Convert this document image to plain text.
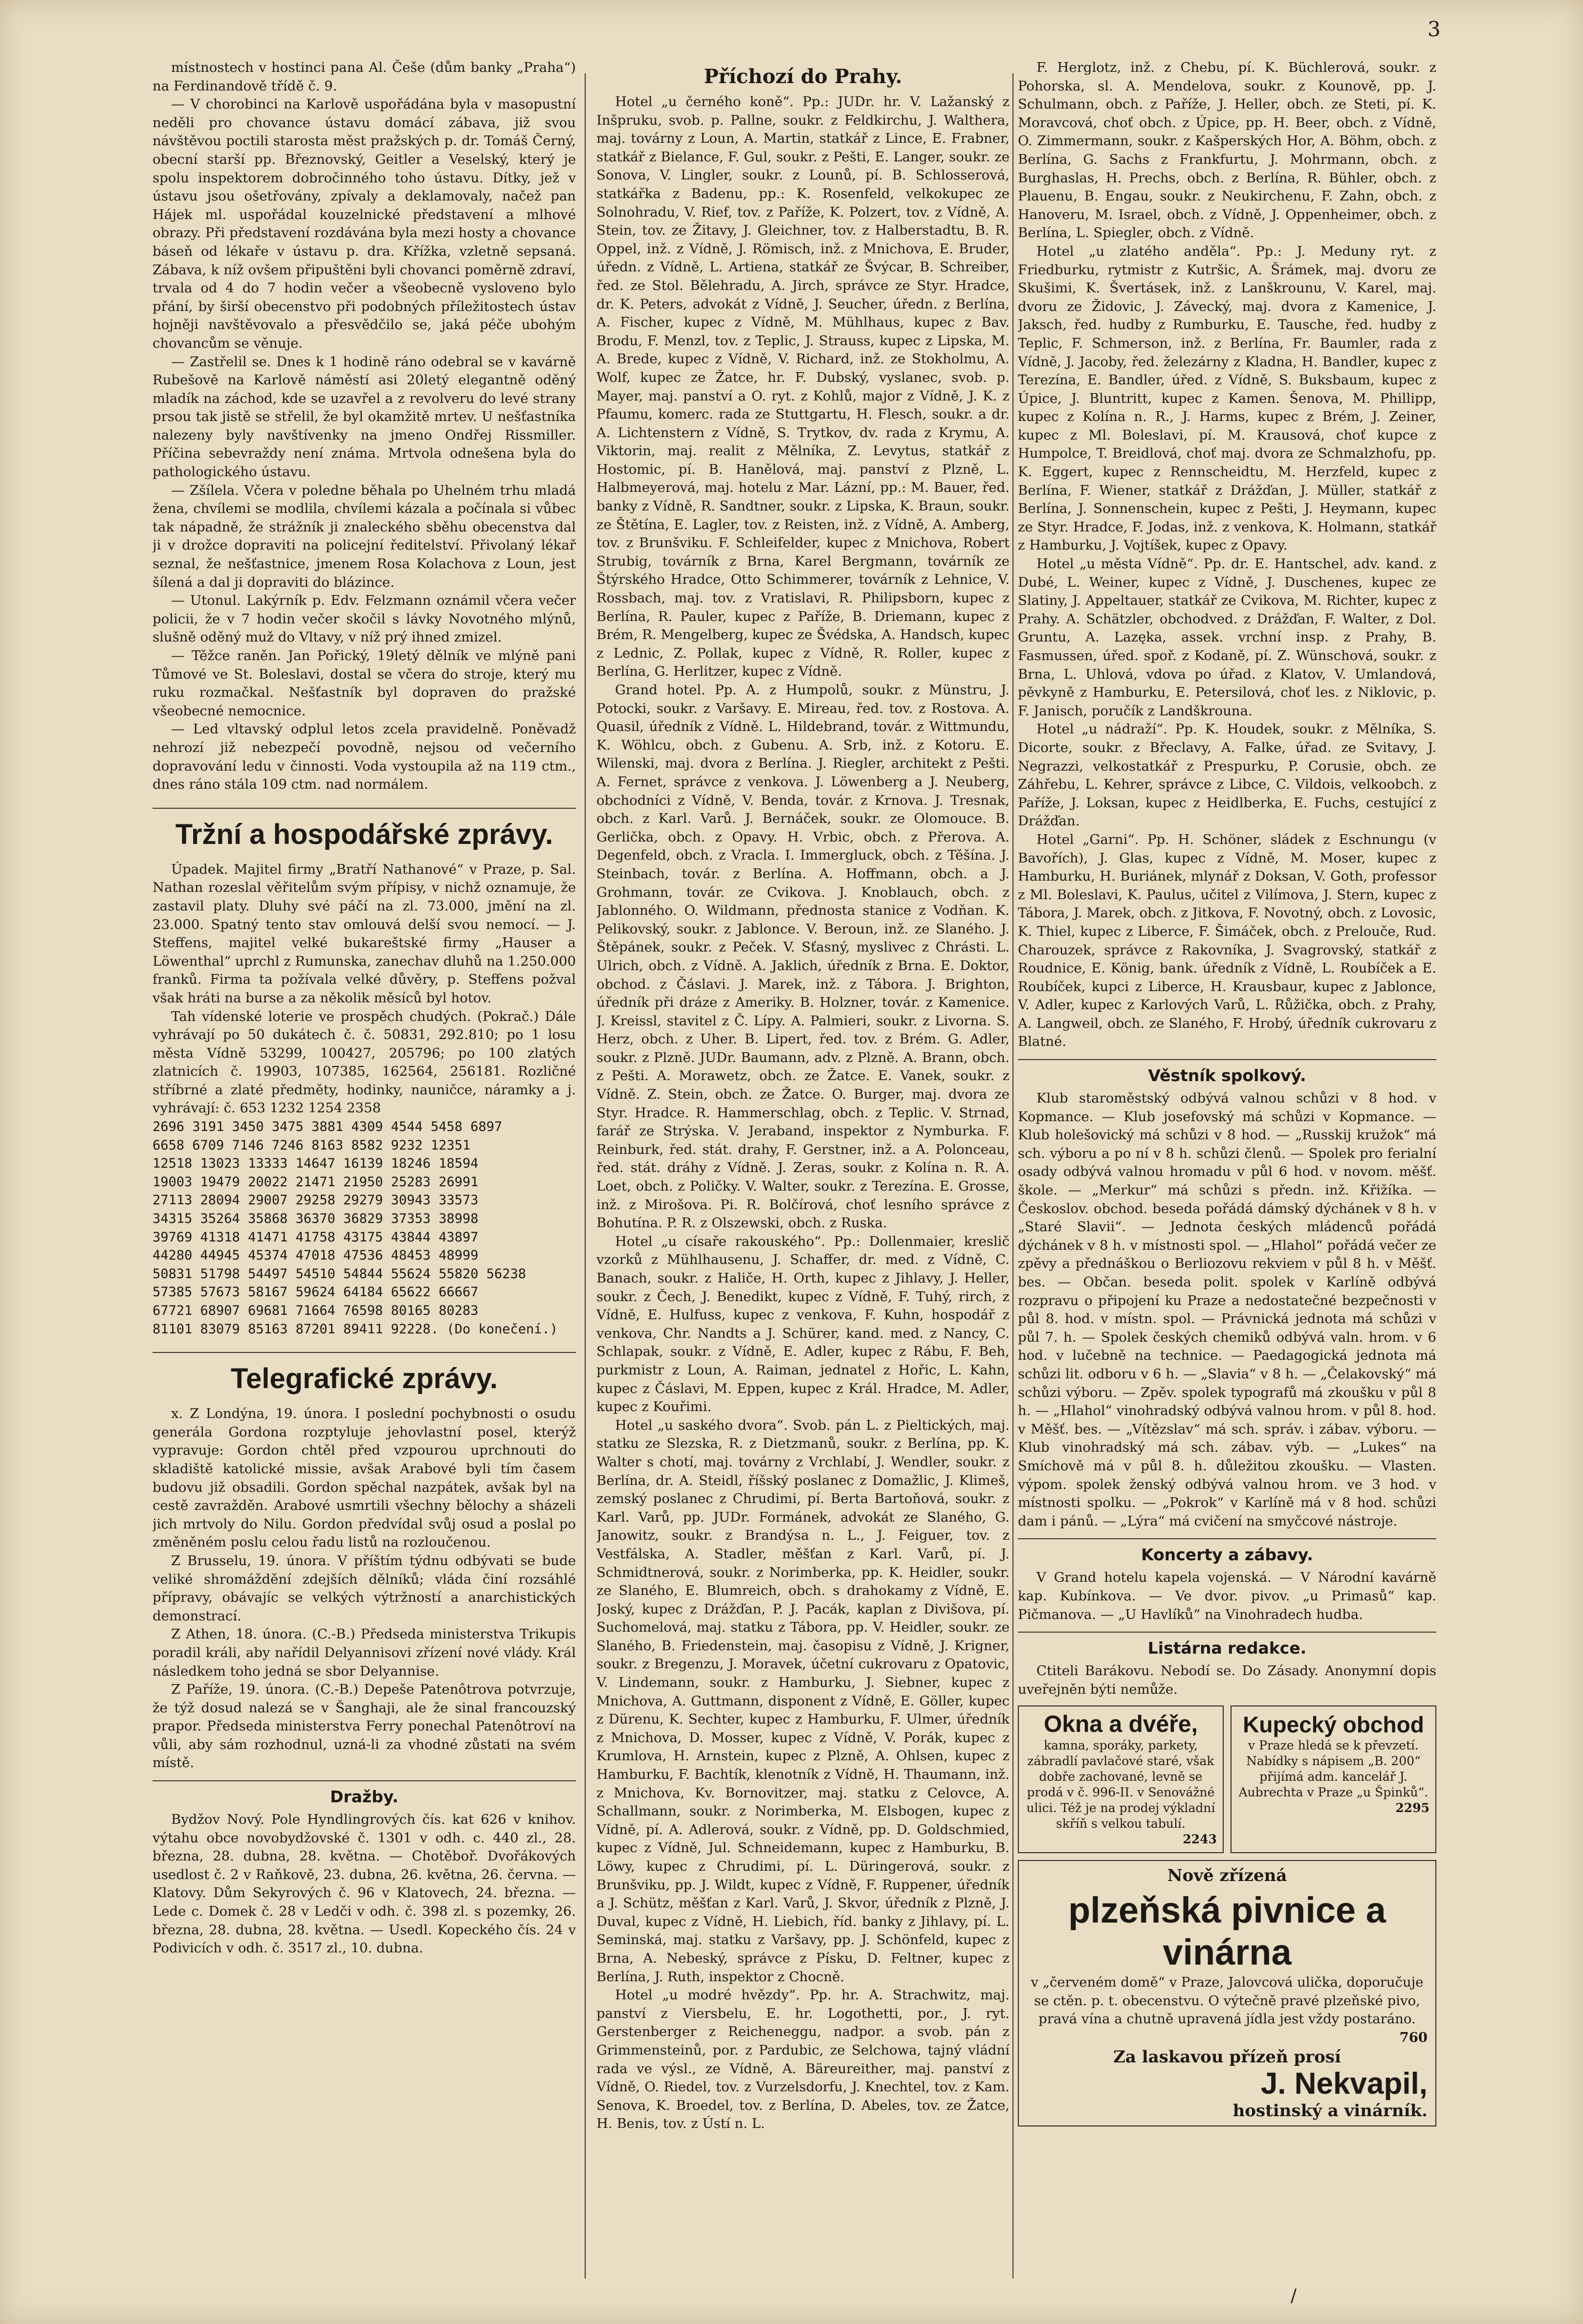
místnostech v hostinci pana Al. Češe (dům banky „Praha“) na Ferdinandově třídě č. 9.

— V chorobinci na Karlově uspořádána byla v masopustní neděli pro chovance ústavu domácí zábava, již svou návštěvou poctili starosta měst pražských p. dr. Tomáš Černý, obecní starší pp. Březnovský, Geitler a Veselský, který je spolu inspektorem dobročinného toho ústavu. Dítky, jež v ústavu jsou ošetřovány, zpívaly a deklamovaly, načež pan Hájek ml. uspořádal kouzelnické představení a mlhové obrazy. Při představení rozdávána byla mezi hosty a chovance báseň od lékaře v ústavu p. dra. Křížka, vzletně sepsaná. Zábava, k níž ovšem připuštěni byli chovanci poměrně zdraví, trvala od 4 do 7 hodin večer a všeobecně vysloveno bylo přání, by širší obecenstvo při podobných příležitostech ústav hojněji navštěvovalo a přesvědčilo se, jaká péče ubohým chovancům se věnuje.

— Zastřelil se. Dnes k 1 hodině ráno odebral se v kavárně Rubešově na Karlově náměstí asi 20letý elegantně oděný mladík na záchod, kde se uzavřel a z revolveru do levé strany prsou tak jistě se střelil, že byl okamžitě mrtev. U nešťastníka nalezeny byly navštívenky na jmeno Ondřej Rissmiller. Příčina sebevraždy není známa. Mrtvola odnešena byla do pathologického ústavu.

— Zšílela. Včera v poledne běhala po Uhelném trhu mladá žena, chvílemi se modlila, chvílemi kázala a počínala si vůbec tak nápadně, že strážník ji znaleckého sběhu obecenstva dal ji v drožce dopraviti na policejní ředitelství. Přivolaný lékař seznal, že nešťastnice, jmenem Rosa Kolachova z Loun, jest šílená a dal ji dopraviti do blázince.

— Utonul. Lakýrník p. Edv. Felzmann oznámil včera večer policii, že v 7 hodin večer skočil s lávky Novotného mlýnů, slušně oděný muž do Vltavy, v níž prý ihned zmizel.

— Těžce raněn. Jan Pořický, 19letý dělník ve mlýně pani Tůmové ve St. Boleslavi, dostal se včera do stroje, který mu ruku rozmačkal. Nešťastník byl dopraven do pražské všeobecné nemocnice.

— Led vltavský odplul letos zcela pravidelně. Poněvadž nehrozí již nebezpečí povodně, nejsou od večerního dopravování ledu v činnosti. Voda vystoupila až na 119 ctm., dnes ráno stála 109 ctm. nad normálem.

Tržní a hospodářské zprávy.

Úpadek. Majitel firmy „Bratří Nathanové“ v Praze, p. Sal. Nathan rozeslal věřitelům svým přípisy, v nichž oznamuje, že zastavil platy. Dluhy své páčí na zl. 73.000, jmění na zl. 23.000. Spatný tento stav omlouvá delší svou nemocí. — J. Steffens, majitel velké bukareštské firmy „Hauser a Löwenthal“ uprchl z Rumunska, zanechav dluhů na 1.250.000 franků. Firma ta požívala velké důvěry, p. Steffens požval však hráti na burse a za několik měsíců byl hotov.

Tah vídenské loterie ve prospěch chudých. (Pokrač.) Dále vyhrávají po 50 dukátech č. č. 50831, 292.810; po 1 losu města Vídně 53299, 100427, 205796; po 100 zlatých zlatnicích č. 19903, 107385, 162564, 256181. Rozličné stříbrné a zlaté předměty, hodinky, nauničce, náramky a j. vyhrávají: č. 653 1232 1254 2358

2696 3191 3450 3475 3881 4309 4544 5458 6897
6658 6709 7146 7246 8163 8582 9232 12351
12518 13023 13333 14647 16139 18246 18594
19003 19479 20022 21471 21950 25283 26991
27113 28094 29007 29258 29279 30943 33573
34315 35264 35868 36370 36829 37353 38998
39769 41318 41471 41758 43175 43844 43897
44280 44945 45374 47018 47536 48453 48999
50831 51798 54497 54510 54844 55624 55820 56238
57385 57673 58167 59624 64184 65622 66667
67721 68907 69681 71664 76598 80165 80283
81101 83079 85163 87201 89411 92228. (Do konečení.)

Telegrafické zprávy.

x. Z Londýna, 19. února. I poslední pochybnosti o osudu generála Gordona rozptyluje jehovlastní posel, kterýž vypravuje: Gordon chtěl před vzpourou uprchnouti do skladiště katolické missie, avšak Arabové byli tím časem budovu již obsadili. Gordon spěchal nazpátek, avšak byl na cestě zavražděn. Arabové usmrtili všechny bělochy a sházeli jich mrtvoly do Nilu. Gordon předvídal svůj osud a poslal po změněném poslu celou řadu listů na rozloučenou.

Z Brusselu, 19. února. V příštím týdnu odbývati se bude veliké shromáždění zdejších dělníků; vláda činí rozsáhlé přípravy, obávajíc se velkých výtržností a anarchistických demonstrací.

Z Athen, 18. února. (C.-B.) Předseda ministerstva Trikupis poradil králi, aby nařídil Delyannisovi zřízení nové vlády. Král následkem toho jedná se sbor Delyannise.

Z Paříže, 19. února. (C.-B.) Depeše Patenôtrova potvrzuje, že týž dosud nalezá se v Šanghaji, ale že sinal francouzský prapor. Předseda ministerstva Ferry ponechal Patenôtroví na vůli, aby sám rozhodnul, uzná-li za vhodné zůstati na svém místě.

Dražby.

Bydžov Nový. Pole Hyndlingrových čís. kat 626 v knihov. výtahu obce novobydžovské č. 1301 v odh. c. 440 zl., 28. března, 28. dubna, 28. května. — Chotěboř. Dvořákových usedlost č. 2 v Raňkově, 23. dubna, 26. května, 26. června. — Klatovy. Dům Sekyrových č. 96 v Klatovech, 24. března. — Lede c. Domek č. 28 v Ledči v odh. č. 398 zl. s pozemky, 26. března, 28. dubna, 28. května. — Usedl. Kopeckého čís. 24 v Podivicích v odh. č. 3517 zl., 10. dubna.

Příchozí do Prahy.

Hotel „u černého koně“. Pp.: JUDr. hr. V. Lažanský z Inšpruku, svob. p. Pallne, soukr. z Feldkirchu, J. Walthera, maj. továrny z Loun, A. Martin, statkář z Lince, E. Frabner, statkář z Bielance, F. Gul, soukr. z Pešti, E. Langer, soukr. ze Sonova, V. Lingler, soukr. z Lounů, pí. B. Schlosserová, statkářka z Badenu, pp.: K. Rosenfeld, velkokupec ze Solnohradu, V. Rief, tov. z Paříže, K. Polzert, tov. z Vídně, A. Stein, tov. ze Žitavy, J. Gleichner, tov. z Halberstadtu, B. R. Oppel, inž. z Vídně, J. Römisch, inž. z Mnichova, E. Bruder, úředn. z Vídně, L. Artiena, statkář ze Švýcar, B. Schreiber, řed. ze Stol. Bělehradu, A. Jirch, správce ze Styr. Hradce, dr. K. Peters, advokát z Vídně, J. Seucher, úředn. z Berlína, A. Fischer, kupec z Vídně, M. Mühlhaus, kupec z Bav. Brodu, F. Menzl, tov. z Teplic, J. Strauss, kupec z Lipska, M. A. Brede, kupec z Vídně, V. Richard, inž. ze Stokholmu, A. Wolf, kupec ze Žatce, hr. F. Dubský, vyslanec, svob. p. Mayer, maj. panství a O. ryt. z Kohlů, major z Vídně, J. K. z Pfaumu, komerc. rada ze Stuttgartu, H. Flesch, soukr. a dr. A. Lichtenstern z Vídně, S. Trytkov, dv. rada z Krymu, A. Viktorin, maj. realit z Mělníka, Z. Levytus, statkář z Hostomic, pí. B. Hanělová, maj. panství z Plzně, L. Halbmeyerová, maj. hotelu z Mar. Lázní, pp.: M. Bauer, řed. banky z Vídně, R. Sandtner, soukr. z Lipska, K. Braun, soukr. ze Štětína, E. Lagler, tov. z Reisten, inž. z Vídně, A. Amberg, tov. z Brunšviku. F. Schleifelder, kupec z Mnichova, Robert Strubig, továrník z Brna, Karel Bergmann, továrník ze Štýrského Hradce, Otto Schimmerer, továrník z Lehnice, V. Rossbach, maj. tov. z Vratislavi, R. Philipsborn, kupec z Berlína, R. Pauler, kupec z Paříže, B. Driemann, kupec z Brém, R. Mengelberg, kupec ze Švédska, A. Handsch, kupec z Lednic, Z. Pollak, kupec z Vídně, R. Roller, kupec z Berlína, G. Herlitzer, kupec z Vídně.

Grand hotel. Pp. A. z Humpolů, soukr. z Münstru, J. Potocki, soukr. z Varšavy. E. Mireau, řed. tov. z Rostova. A. Quasil, úředník z Vídně. L. Hildebrand, továr. z Wittmundu, K. Wöhlcu, obch. z Gubenu. A. Srb, inž. z Kotoru. E. Wilenski, maj. dvora z Berlína. J. Riegler, architekt z Pešti. A. Fernet, správce z venkova. J. Löwenberg a J. Neuberg, obchodníci z Vídně, V. Benda, továr. z Krnova. J. Tresnak, obch. z Karl. Varů. J. Bernáček, soukr. ze Olomouce. B. Gerlička, obch. z Opavy. H. Vrbic, obch. z Přerova. A. Degenfeld, obch. z Vracla. I. Immergluck, obch. z Těšína. J. Steinbach, továr. z Berlína. A. Hoffmann, obch. a J. Grohmann, továr. ze Cvikova. J. Knoblauch, obch. z Jablonného. O. Wildmann, přednosta stanice z Vodňan. K. Pelikovský, soukr. z Jablonce. V. Beroun, inž. ze Slaného. J. Štěpánek, soukr. z Peček. V. Sťasný, myslivec z Chrásti. L. Ulrich, obch. z Vídně. A. Jaklich, úředník z Brna. E. Doktor, obchod. z Čáslavi. J. Marek, inž. z Tábora. J. Brighton, úředník při dráze z Ameriky. B. Holzner, továr. z Kamenice. J. Kreissl, stavitel z Č. Lípy. A. Palmieri, soukr. z Livorna. S. Herz, obch. z Uher. B. Lipert, řed. tov. z Brém. G. Adler, soukr. z Plzně. JUDr. Baumann, adv. z Plzně. A. Brann, obch. z Pešti. A. Morawetz, obch. ze Žatce. E. Vanek, soukr. z Vídně. Z. Stein, obch. ze Žatce. O. Burger, maj. dvora ze Styr. Hradce. R. Hammerschlag, obch. z Teplic. V. Strnad, farář ze Strýska. V. Jeraband, inspektor z Nymburka. F. Reinburk, řed. stát. drahy, F. Gerstner, inž. a A. Polonceau, řed. stát. dráhy z Vídně. J. Zeras, soukr. z Kolína n. R. A. Loet, obch. z Poličky. V. Walter, soukr. z Terezína. E. Grosse, inž. z Mirošova. Pi. R. Bolčírová, choť lesního správce z Bohutína. P. R. z Olszewski, obch. z Ruska.

Hotel „u císaře rakouského“. Pp.: Dollenmaier, kreslič vzorků z Mühlhausenu, J. Schaffer, dr. med. z Vídně, C. Banach, soukr. z Haliče, H. Orth, kupec z Jihlavy, J. Heller, soukr. z Čech, J. Benedikt, kupec z Vídně, F. Tuhý, rirch, z Vídně, E. Hulfuss, kupec z venkova, F. Kuhn, hospodář z venkova, Chr. Nandts a J. Schürer, kand. med. z Nancy, C. Schlapak, soukr. z Vídně, E. Adler, kupec z Rábu, F. Beh, purkmistr z Loun, A. Raiman, jednatel z Hořic, L. Kahn, kupec z Čáslavi, M. Eppen, kupec z Král. Hradce, M. Adler, kupec z Kouřimi.

Hotel „u saského dvora“. Svob. pán L. z Pieltických, maj. statku ze Slezska, R. z Dietzmanů, soukr. z Berlína, pp. K. Walter s chotí, maj. továrny z Vrchlabí, J. Wendler, soukr. z Berlína, dr. A. Steidl, říšský poslanec z Domažlic, J. Klimeš, zemský poslanec z Chrudimi, pí. Berta Bartoňová, soukr. z Karl. Varů, pp. JUDr. Formánek, advokát ze Slaného, G. Janowitz, soukr. z Brandýsa n. L., J. Feiguer, tov. z Vestfálska, A. Stadler, měšťan z Karl. Varů, pí. J. Schmidtnerová, soukr. z Norimberka, pp. K. Heidler, soukr. ze Slaného, E. Blumreich, obch. s drahokamy z Vídně, E. Joský, kupec z Drážďan, P. J. Pacák, kaplan z Divišova, pí. Suchomelová, maj. statku z Tábora, pp. V. Heidler, soukr. ze Slaného, B. Friedenstein, maj. časopisu z Vídně, J. Krigner, soukr. z Bregenzu, J. Moravek, účetní cukrovaru z Opatovic, V. Lindemann, soukr. z Hamburku, J. Siebner, kupec z Mnichova, A. Guttmann, disponent z Vídně, E. Göller, kupec z Dürenu, K. Sechter, kupec z Hamburku, F. Ulmer, úředník z Mnichova, D. Mosser, kupec z Vídně, V. Porák, kupec z Krumlova, H. Arnstein, kupec z Plzně, A. Ohlsen, kupec z Hamburku, F. Bachtík, klenotník z Vídně, H. Thaumann, inž. z Mnichova, Kv. Bornovitzer, maj. statku z Celovce, A. Schallmann, soukr. z Norimberka, M. Elsbogen, kupec z Vídně, pí. A. Adlerová, soukr. z Vídně, pp. D. Goldschmied, kupec z Vídně, Jul. Schneidemann, kupec z Hamburku, B. Löwy, kupec z Chrudimi, pí. L. Düringerová, soukr. z Brunšviku, pp. J. Wildt, kupec z Vídně, F. Ruppener, úředník a J. Schütz, měšťan z Karl. Varů, J. Skvor, úředník z Plzně, J. Duval, kupec z Vídně, H. Liebich, říd. banky z Jihlavy, pí. L. Seminská, maj. statku z Varšavy, pp. J. Schönfeld, kupec z Brna, A. Nebeský, správce z Písku, D. Feltner, kupec z Berlína, J. Ruth, inspektor z Chocně.

Hotel „u modré hvězdy“. Pp. hr. A. Strachwitz, maj. panství z Viersbelu, E. hr. Logothetti, por., J. ryt. Gerstenberger z Reicheneggu, nadpor. a svob. pán z Grimmensteinů, por. z Pardubic, ze Selchowa, tajný vládní rada ve výsl., ze Vídně, A. Bäreureither, maj. panství z Vídně, O. Riedel, tov. z Vurzelsdorfu, J. Knechtel, tov. z Kam. Senova, K. Broedel, tov. z Berlína, D. Abeles, tov. ze Žatce, H. Benis, tov. z Ústí n. L.

F. Herglotz, inž. z Chebu, pí. K. Büchlerová, soukr. z Pohorska, sl. A. Mendelova, soukr. z Kounově, pp. J. Schulmann, obch. z Paříže, J. Heller, obch. ze Steti, pí. K. Moravcová, choť obch. z Úpice, pp. H. Beer, obch. z Vídně, O. Zimmermann, soukr. z Kašperských Hor, A. Böhm, obch. z Berlína, G. Sachs z Frankfurtu, J. Mohrmann, obch. z Burghaslas, H. Prechs, obch. z Berlína, R. Bühler, obch. z Plauenu, B. Engau, soukr. z Neukirchenu, F. Zahn, obch. z Hanoveru, M. Israel, obch. z Vídně, J. Oppenheimer, obch. z Berlína, L. Spiegler, obch. z Vídně.

Hotel „u zlatého anděla“. Pp.: J. Meduny ryt. z Friedburku, rytmistr z Kutršic, A. Šrámek, maj. dvoru ze Skušimi, K. Švertásek, inž. z Lanškrounu, V. Karel, maj. dvoru ze Židovic, J. Závecký, maj. dvora z Kamenice, J. Jaksch, řed. hudby z Rumburku, E. Tausche, řed. hudby z Teplic, F. Schmerson, inž. z Berlína, Fr. Baumler, rada z Vídně, J. Jacoby, řed. železárny z Kladna, H. Bandler, kupec z Terezína, E. Bandler, úřed. z Vídně, S. Buksbaum, kupec z Úpice, J. Bluntritt, kupec z Kamen. Šenova, M. Phillipp, kupec z Kolína n. R., J. Harms, kupec z Brém, J. Zeiner, kupec z Ml. Boleslavi, pí. M. Krausová, choť kupce z Humpolce, T. Breidlová, choť maj. dvora ze Schmalzhofu, pp. K. Eggert, kupec z Rennscheidtu, M. Herzfeld, kupec z Berlína, F. Wiener, statkář z Drážďan, J. Müller, statkář z Berlína, J. Sonnenschein, kupec z Pešti, J. Heymann, kupec ze Styr. Hradce, F. Jodas, inž. z venkova, K. Holmann, statkář z Hamburku, J. Vojtíšek, kupec z Opavy.

Hotel „u města Vídně“. Pp. dr. E. Hantschel, adv. kand. z Dubé, L. Weiner, kupec z Vídně, J. Duschenes, kupec ze Slatiny, J. Appeltauer, statkář ze Cvikova, M. Richter, kupec z Prahy. A. Schätzler, obchodved. z Drážďan, F. Walter, z Dol. Gruntu, A. Lazęka, assek. vrchní insp. z Prahy, B. Fasmussen, úřed. spoř. z Kodaně, pí. Z. Wünschová, soukr. z Brna, L. Uhlová, vdova po úřad. z Klatov, V. Umlandová, pěvkyně z Hamburku, E. Petersilová, choť les. z Niklovic, p. F. Janisch, poručík z Landškrouna.

Hotel „u nádraží“. Pp. K. Houdek, soukr. z Mělníka, S. Dicorte, soukr. z Břeclavy, A. Falke, úřad. ze Svitavy, J. Negrazzi, velkostatkář z Prespurku, P. Corusie, obch. ze Záhřebu, L. Kehrer, správce z Libce, C. Vildois, velkoobch. z Paříže, J. Loksan, kupec z Heidlberka, E. Fuchs, cestující z Drážďan.

Hotel „Garni“. Pp. H. Schöner, sládek z Eschnungu (v Bavořích), J. Glas, kupec z Vídně, M. Moser, kupec z Hamburku, H. Buriánek, mlynář z Doksan, V. Goth, professor z Ml. Boleslavi, K. Paulus, učitel z Vilímova, J. Stern, kupec z Tábora, J. Marek, obch. z Jitkova, F. Novotný, obch. z Lovosic, K. Thiel, kupec z Liberce, F. Šimáček, obch. z Prelouče, Rud. Charouzek, správce z Rakovníka, J. Svagrovský, statkář z Roudnice, E. König, bank. úředník z Vídně, L. Roubíček a E. Roubíček, kupci z Liberce, H. Krausbaur, kupec z Jablonce, V. Adler, kupec z Karlových Varů, L. Růžička, obch. z Prahy, A. Langweil, obch. ze Slaného, F. Hrobý, úředník cukrovaru z Blatné.

Věstník spolkový.

Klub staroměstský odbývá valnou schůzi v 8 hod. v Kopmance. — Klub josefovský má schůzi v Kopmance. — Klub holešovický má schůzi v 8 hod. — „Russkij kružok“ má sch. výboru a po ní v 8 h. schůzi členů. — Spolek pro ferialní osady odbývá valnou hromadu v půl 6 hod. v novom. měšť. škole. — „Merkur“ má schůzi s předn. inž. Křižíka. — Českoslov. obchod. beseda pořádá dámský dýchánek v 8 h. v „Staré Slavii“. — Jednota českých mládenců pořádá dýchánek v 8 h. v místnosti spol. — „Hlahol“ pořádá večer ze zpěvy a přednáškou o Berliozovu rekviem v půl 8 h. v Měšť. bes. — Občan. beseda polit. spolek v Karlíně odbývá rozpravu o připojení ku Praze a nedostatečné bezpečnosti v půl 8. hod. v místn. spol. — Právnická jednota má schůzi v půl 7. h. — Spolek českých chemiků odbývá valn. hrom. v 6 hod. v lučebně na technice. — Paedagogická jednota má schůzi lit. odboru v 6 h. — „Slavia“ v 8 h. — „Čelakovský“ má schůzi výboru. — Zpěv. spolek typografů má zkoušku v půl 8 h. — „Hlahol“ vinohradský odbývá valnou hrom. v půl 8. hod. v Měšť. bes. — „Vítězslav“ má sch. správ. i zábav. výboru. — Klub vinohradský má sch. zábav. výb. — „Lukes“ na Smíchově má v půl 8. h. důležitou zkoušku. — Vlasten. výpom. spolek ženský odbývá valnou hrom. ve 3 hod. v místnosti spolku. — „Pokrok“ v Karlíně má v 8 hod. schůzi dam i pánů. — „Lýra“ má cvičení na smyčcové nástroje.

Koncerty a zábavy.

V Grand hotelu kapela vojenská. — V Národní kavárně kap. Kubínkova. — Ve dvor. pivov. „u Primasů“ kap. Pičmanova. — „U Havlíků“ na Vinohradech hudba.

Listárna redakce.

Ctiteli Barákovu. Nebodí se. Do Zásady. Anonymní dopis uveřejněn býti nemůže.

Okna a dvéře,
kamna, sporáky, parkety, zábradlí pavlačové staré, však dobře zachované, levně se prodá v č. 996-II. v Senovážné ulici. Též je na prodej výkladní skříň s velkou tabulí.
2243
Kupecký obchod
v Praze hledá se k převzetí. Nabídky s nápisem „B. 200“ přijímá adm. kancelář J. Aubrechta v Praze „u Špinků“.
2295
Nově zřízená
plzeňská pivnice a vinárna

v „červeném domě“ v Praze, Jalovcová ulička, doporučuje se ctěn. p. t. obecenstvu. O výtečně pravé plzeňské pivo, pravá vína a chutně upravená jídla jest vždy postaráno.

760
Za laskavou přízeň prosí
J. Nekvapil,
hostinský a vinárník.
3
/
